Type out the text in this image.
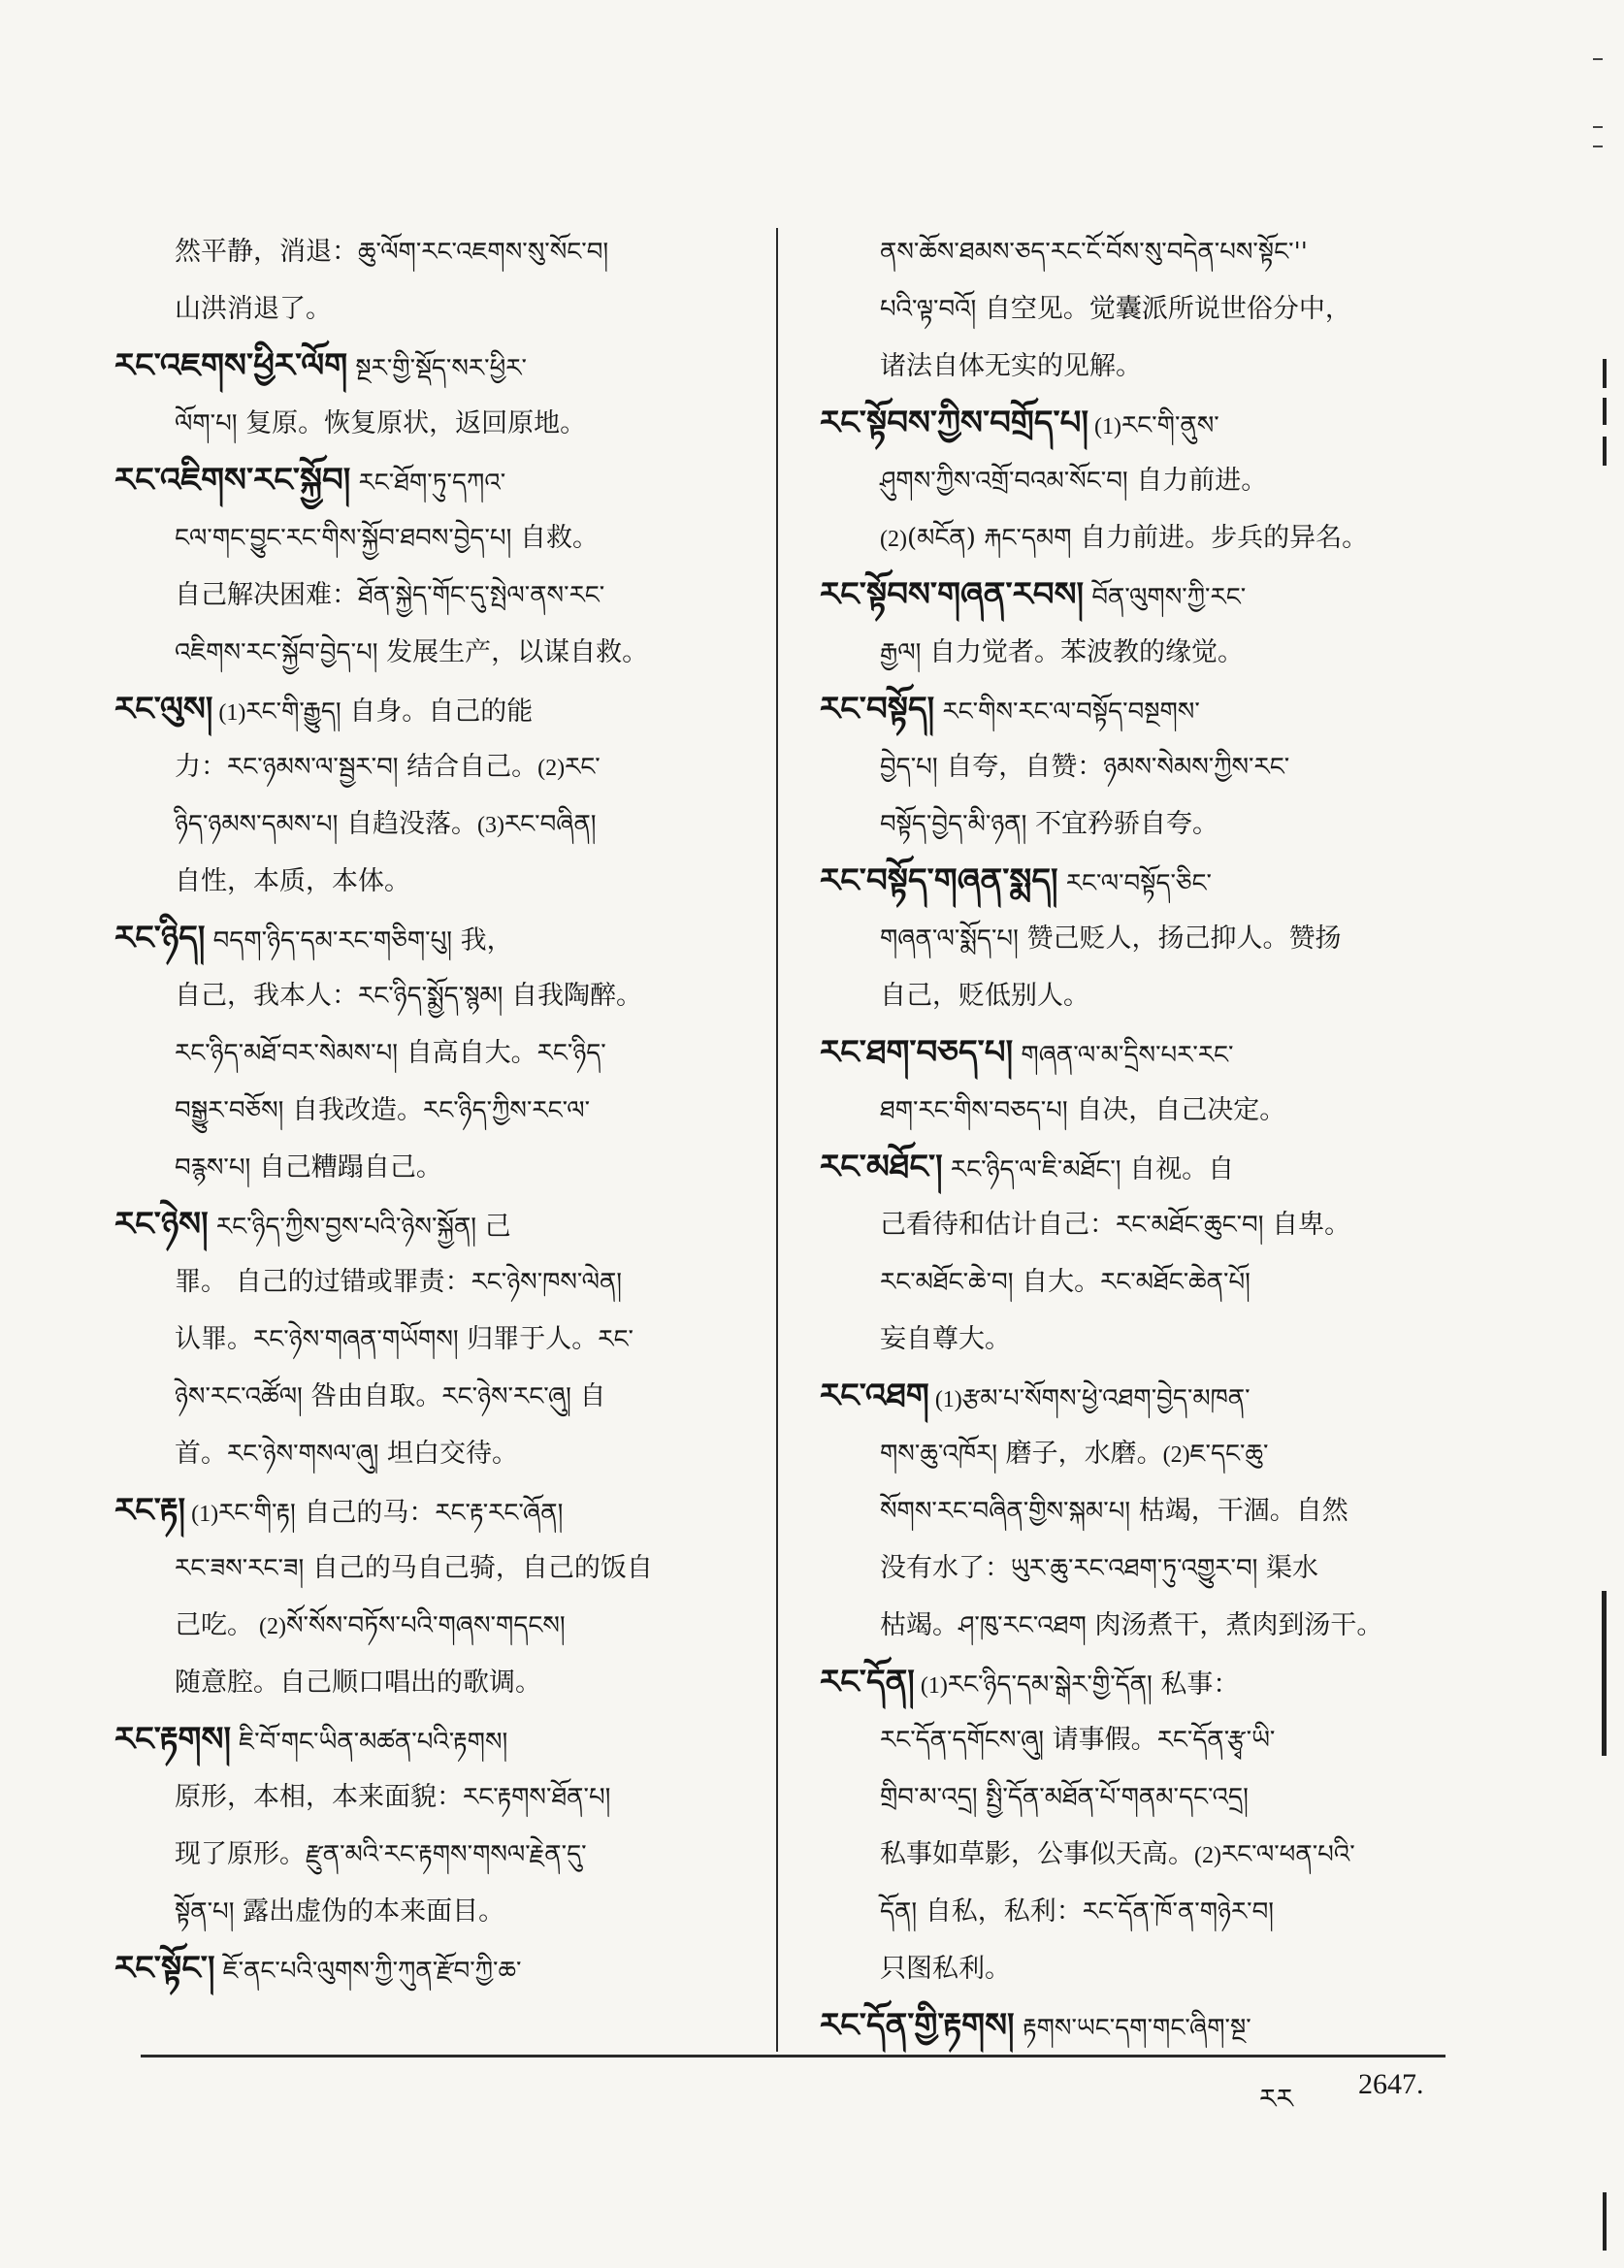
然平静，消退：ཆུ་ལོག་རང་འཇགས་སུ་སོང་བ།
山洪消退了。
རང་འཇགས་ཕྱིར་ལོག སྔར་གྱི་སྡོད་སར་ཕྱིར་
ལོག་པ། 复原。恢复原状，返回原地。
རང་འཇིགས་རང་སྐྱོབ། རང་ཐོག་ཏུ་དཀའ་
ངལ་གང་བྱུང་རང་གིས་སྐྱོབ་ཐབས་བྱེད་པ། 自救。
自己解决困难：ཐོན་སྐྱེད་གོང་དུ་སྤེལ་ནས་རང་
འཇིགས་རང་སྐྱོབ་བྱེད་པ། 发展生产，以谋自救。
རང་ལུས། (1)རང་གི་རྒྱུད། 自身。自己的能
力：རང་ཉམས་ལ་སྦྱར་བ། 结合自己。(2)རང་
ཉིད་ཉམས་དམས་པ། 自趋没落。(3)རང་བཞིན།
自性，本质，本体。
རང་ཉིད། བདག་ཉིད་དམ་རང་གཅིག་པུ། 我，
自己，我本人：རང་ཉིད་སྨྱོད་སྙམ། 自我陶醉。
རང་ཉིད་མཐོ་བར་སེམས་པ། 自高自大。རང་ཉིད་
བསྒྱུར་བཅོས། 自我改造。རང་ཉིད་ཀྱིས་རང་ལ་
བརྙས་པ། 自己糟蹋自己。
རང་ཉེས། རང་ཉིད་ཀྱིས་བྱས་པའི་ཉེས་སྐྱོན། 己
罪。 自己的过错或罪责：རང་ཉེས་ཁས་ལེན།
认罪。རང་ཉེས་གཞན་གཡོགས། 归罪于人。རང་
ཉེས་རང་འཚོལ། 咎由自取。རང་ཉེས་རང་ཞུ། 自
首。རང་ཉེས་གསལ་ཞུ། 坦白交待。
རང་རྟ། (1)རང་གི་རྟ། 自己的马：རང་རྟ་རང་ཞོན།
རང་ཟས་རང་ཟ། 自己的马自己骑，自己的饭自
己吃。 (2)སོ་སོས་བཏོས་པའི་གཞས་གདངས།
随意腔。自己顺口唱出的歌调。
རང་རྟགས། ཇི་བོ་གང་ཡིན་མཚན་པའི་རྟགས།
原形，本相，本来面貌：རང་རྟགས་ཐོན་པ།
现了原形。རྫུན་མའི་རང་རྟགས་གསལ་རྗེན་དུ་
སྟོན་པ། 露出虚伪的本来面目。
རང་སྟོང་། ཇོ་ནང་པའི་ལུགས་ཀྱི་ཀུན་རྫོབ་ཀྱི་ཆ་
ནས་ཆོས་ཐམས་ཅད་རང་ངོ་བོས་སུ་བདེན་པས་སྟོང་''
པའི་ལྟ་བའོ། 自空见。觉囊派所说世俗分中，
诸法自体无实的见解。
རང་སྟོབས་ཀྱིས་བགྲོད་པ། (1)རང་གི་ནུས་
ཤུགས་ཀྱིས་འགྲོ་བའམ་སོང་བ། 自力前进。
(2)(མངོན) རྐང་དམག 自力前进。步兵的异名。
རང་སྟོབས་གཞན་རབས། བོན་ལུགས་ཀྱི་རང་
རྒྱལ། 自力觉者。苯波教的缘觉。
རང་བསྟོད། རང་གིས་རང་ལ་བསྟོད་བསྔགས་
བྱེད་པ། 自夸，自赞：ཉམས་སེམས་ཀྱིས་རང་
བསྟོད་བྱེད་མི་ཉན། 不宜矜骄自夸。
རང་བསྟོད་གཞན་སྨད། རང་ལ་བསྟོད་ཅིང་
གཞན་ལ་སྨོད་པ། 赞己贬人，扬己抑人。赞扬
自己，贬低别人。
རང་ཐག་བཅད་པ། གཞན་ལ་མ་དྲིས་པར་རང་
ཐག་རང་གིས་བཅད་པ། 自决，自己决定。
རང་མཐོང་། རང་ཉིད་ལ་ཇི་མཐོང་། 自视。自
己看待和估计自己：རང་མཐོང་ཆུང་བ། 自卑。
རང་མཐོང་ཆེ་བ། 自大。རང་མཐོང་ཆེན་པོ།
妄自尊大。
རང་འཐག (1)རྩམ་པ་སོགས་ཕྱེ་འཐག་བྱེད་མཁན་
གས་ཆུ་འཁོར། 磨子，水磨。(2)ཇ་དང་ཆུ་
སོགས་རང་བཞིན་གྱིས་སྐམ་པ། 枯竭，干涸。自然
没有水了：ཡུར་ཆུ་རང་འཐག་ཏུ་འགྱུར་བ། 渠水
枯竭。ཤ་ཁུ་རང་འཐག 肉汤煮干，煮肉到汤干。
རང་དོན། (1)རང་ཉིད་དམ་སྒེར་གྱི་དོན། 私事：
རང་དོན་དགོངས་ཞུ། 请事假。རང་དོན་རྩྭ་ཡི་
གྲིབ་མ་འདྲ། སྤྱི་དོན་མཐོན་པོ་གནམ་དང་འདྲ།
私事如草影，公事似天高。(2)རང་ལ་ཕན་པའི་
དོན། 自私，私利：རང་དོན་ཁོ་ན་གཉེར་བ།
只图私利。
རང་དོན་གྱི་རྟགས། རྟགས་ཡང་དག་གང་ཞིག་སྔ་
རར 2647.
